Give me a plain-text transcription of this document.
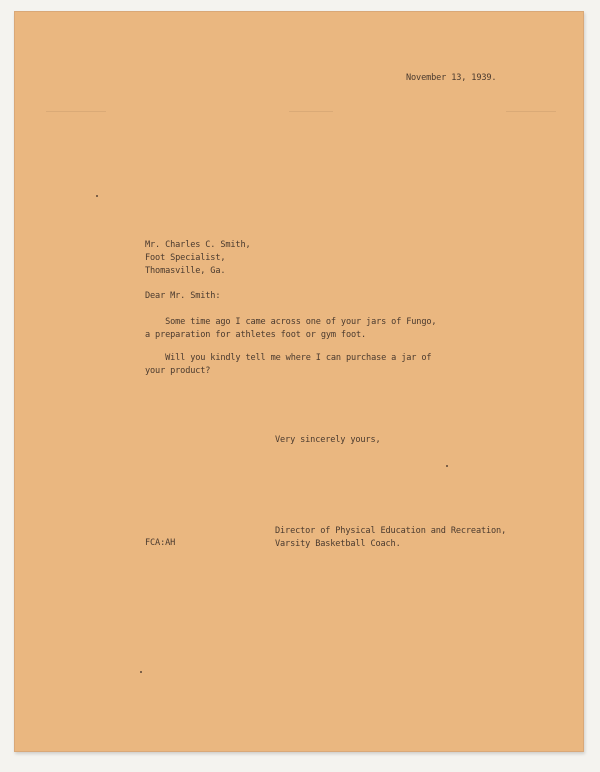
November 13, 1939.

Mr. Charles C. Smith,
Foot Specialist,
Thomasville, Ga.

Dear Mr. Smith:

Some time ago I came across one of your jars of Fungo,
a preparation for athletes foot or gym foot.
Will you kindly tell me where I can purchase a jar of
your product?

Very sincerely yours,

Director of Physical Education and Recreation,
Varsity Basketball Coach.

FCA:AH
